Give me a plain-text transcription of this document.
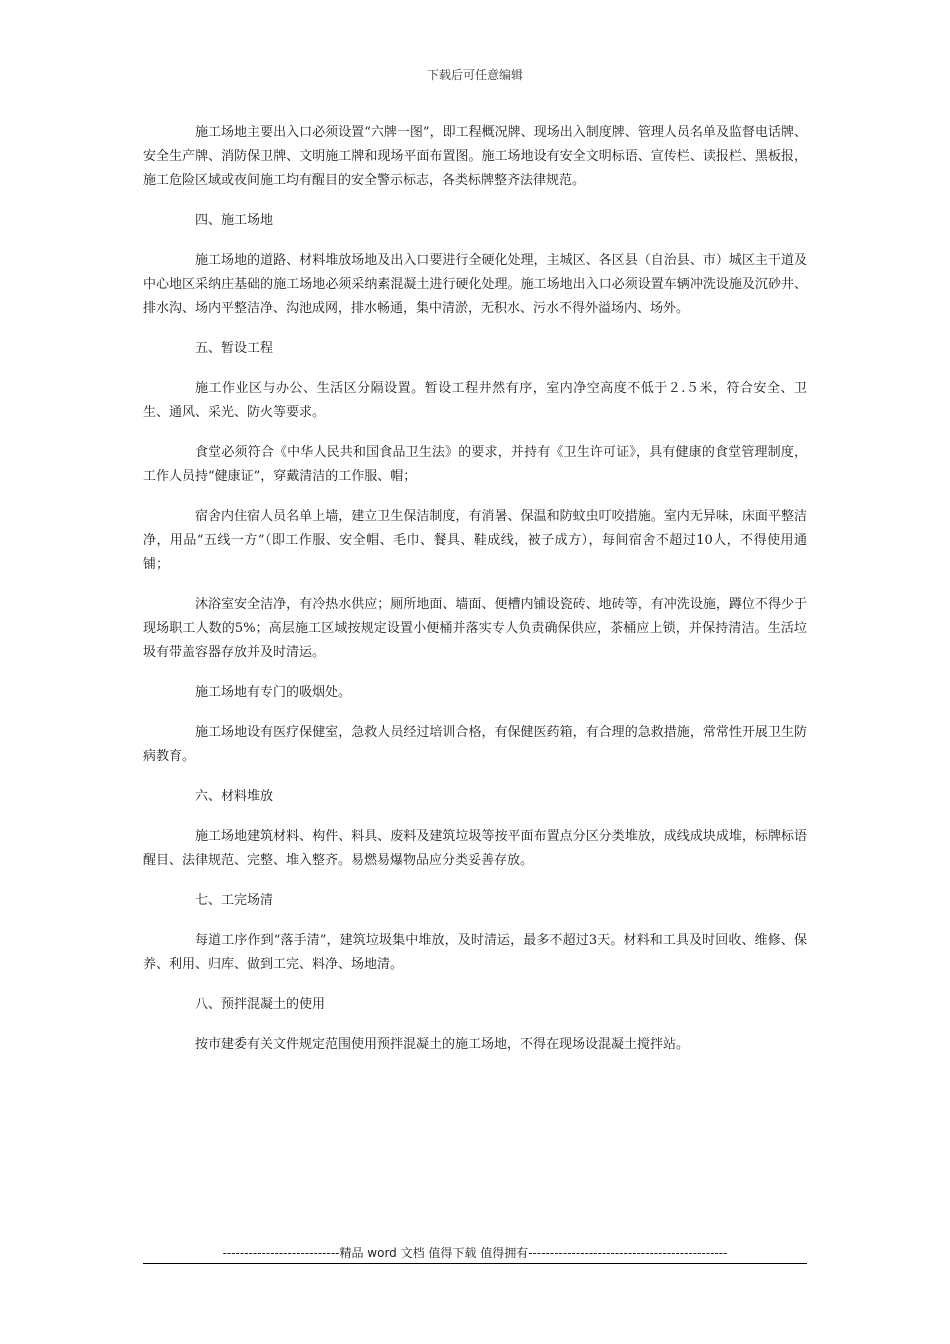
下载后可任意编辑

施工场地主要出入口必须设置“六牌一图”，即工程概况牌、现场出入制度牌、管理人员名单及监督电话牌、安全生产牌、消防保卫牌、文明施工牌和现场平面布置图。施工场地设有安全文明标语、宣传栏、读报栏、黑板报，施工危险区域或夜间施工均有醒目的安全警示标志，各类标牌整齐法律规范。

四、施工场地

施工场地的道路、材料堆放场地及出入口要进行全硬化处理，主城区、各区县（自治县、市）城区主干道及中心地区采纳庄基础的施工场地必须采纳素混凝土进行硬化处理。施工场地出入口必须设置车辆冲洗设施及沉砂井、排水沟、场内平整洁净、沟池成网，排水畅通，集中清淤，无积水、污水不得外溢场内、场外。

五、暂设工程

施工作业区与办公、生活区分隔设置。暂设工程井然有序，室内净空高度不低于２.５米，符合安全、卫生、通风、采光、防火等要求。

食堂必须符合《中华人民共和国食品卫生法》的要求，并持有《卫生许可证》，具有健康的食堂管理制度，工作人员持“健康证”，穿戴清洁的工作服、帽；

宿舍内住宿人员名单上墙，建立卫生保洁制度，有消暑、保温和防蚊虫叮咬措施。室内无异味，床面平整洁净，用品“五线一方”（即工作服、安全帽、毛巾、餐具、鞋成线，被子成方），每间宿舍不超过10人，不得使用通铺；

沐浴室安全洁净，有冷热水供应；厕所地面、墙面、便槽内铺设瓷砖、地砖等，有冲洗设施，蹲位不得少于现场职工人数的5%；高层施工区域按规定设置小便桶并落实专人负责确保供应，茶桶应上锁，并保持清洁。生活垃圾有带盖容器存放并及时清运。

施工场地有专门的吸烟处。

施工场地设有医疗保健室，急救人员经过培训合格，有保健医药箱，有合理的急救措施，常常性开展卫生防病教育。

六、材料堆放

施工场地建筑材料、构件、料具、废料及建筑垃圾等按平面布置点分区分类堆放，成线成块成堆，标牌标语醒目、法律规范、完整、堆入整齐。易燃易爆物品应分类妥善存放。

七、工完场清

每道工序作到“落手清”，建筑垃圾集中堆放，及时清运，最多不超过3天。材料和工具及时回收、维修、保养、利用、归库、做到工完、料净、场地清。

八、预拌混凝土的使用

按市建委有关文件规定范围使用预拌混凝土的施工场地，不得在现场设混凝土搅拌站。

---------------------------精品 word 文档 值得下载 值得拥有----------------------------------------------
